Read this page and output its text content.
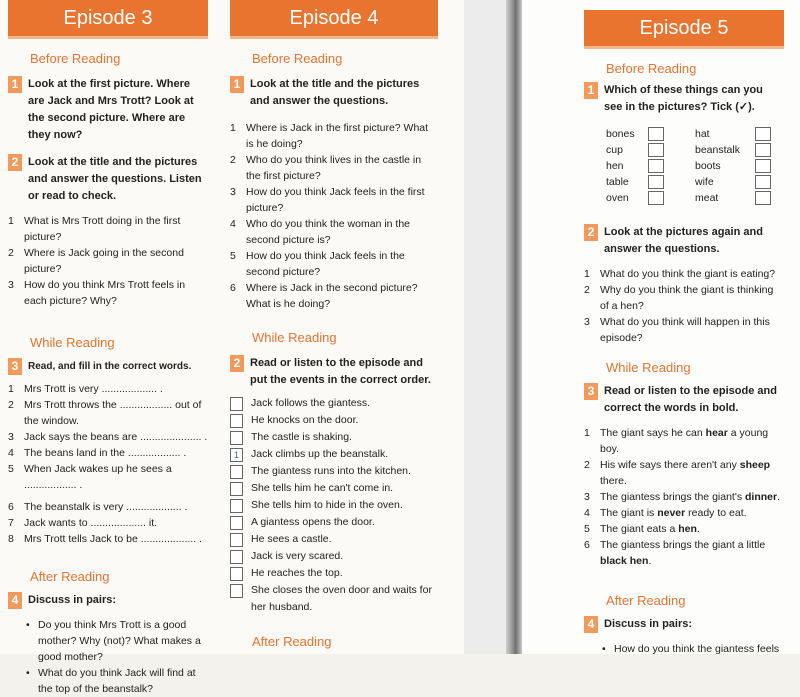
Episode 3
Before Reading
1 Look at the first picture. Where are Jack and Mrs Trott? Look at the second picture. Where are they now?
2 Look at the title and the pictures and answer the questions. Listen or read to check.
1 What is Mrs Trott doing in the first picture?
2 Where is Jack going in the second picture?
3 How do you think Mrs Trott feels in each picture? Why?
While Reading
3 Read, and fill in the correct words.
1 Mrs Trott is very ................... .
2 Mrs Trott throws the .................. out of the window.
3 Jack says the beans are ..................... .
4 The beans land in the .................. .
5 When Jack wakes up he sees a .................. .
6 The beanstalk is very ................... .
7 Jack wants to ................... it.
8 Mrs Trott tells Jack to be ................... .
After Reading
4 Discuss in pairs:
• Do you think Mrs Trott is a good mother? Why (not)? What makes a good mother?
• What do you think Jack will find at the top of the beanstalk?
Episode 4
Before Reading
1 Look at the title and the pictures and answer the questions.
1 Where is Jack in the first picture? What is he doing?
2 Who do you think lives in the castle in the first picture?
3 How do you think Jack feels in the first picture?
4 Who do you think the woman in the second picture is?
5 How do you think Jack feels in the second picture?
6 Where is Jack in the second picture? What is he doing?
While Reading
2 Read or listen to the episode and put the events in the correct order.
Jack follows the giantess.
He knocks on the door.
The castle is shaking.
1	Jack climbs up the beanstalk.
The giantess runs into the kitchen.
She tells him he can't come in.
She tells him to hide in the oven.
A giantess opens the door.
He sees a castle.
Jack is very scared.
He reaches the top.
She closes the oven door and waits for her husband.
After Reading
Episode 5
Before Reading
1 Which of these things can you see in the pictures? Tick (✓).
bones
cup
hen
table
oven
hat
beanstalk
boots
wife
meat
2 Look at the pictures again and answer the questions.
1 What do you think the giant is eating?
2 Why do you think the giant is thinking of a hen?
3 What do you think will happen in this episode?
While Reading
3 Read or listen to the episode and correct the words in bold.
1 The giant says he can hear a young boy.
2 His wife says there aren't any sheep there.
3 The giantess brings the giant's dinner.
4 The giant is never ready to eat.
5 The giant eats a hen.
6 The giantess brings the giant a little black hen.
After Reading
4 Discuss in pairs:
• How do you think the giantess feels
